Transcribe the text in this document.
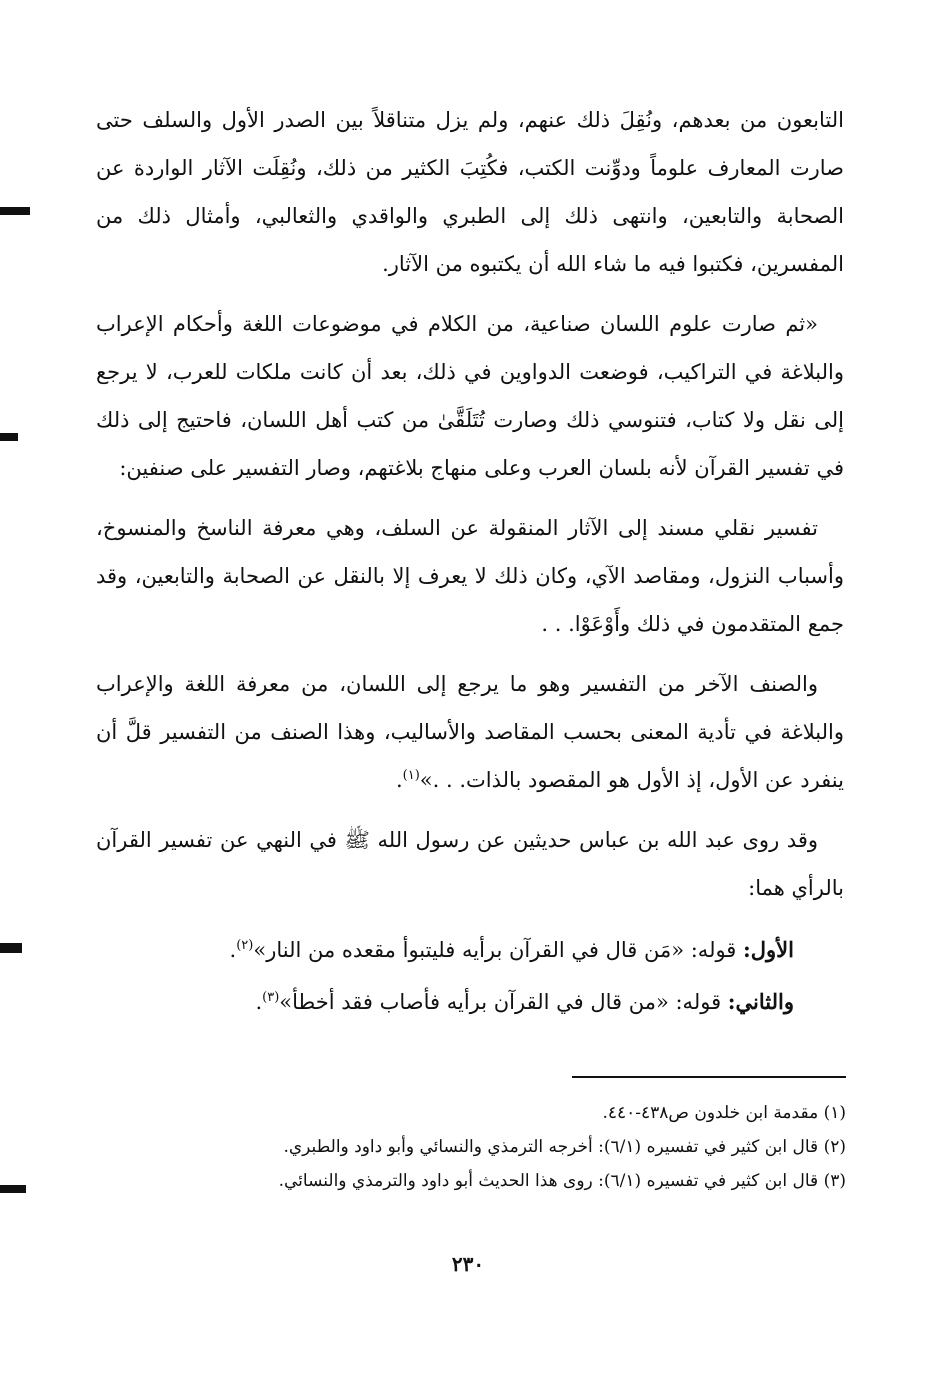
التابعون من بعدهم، ونُقِلَ ذلك عنهم، ولم يزل متناقلاً بين الصدر الأول والسلف حتى صارت المعارف علوماً ودوِّنت الكتب، فكُتِبَ الكثير من ذلك، ونُقِلَت الآثار الواردة عن الصحابة والتابعين، وانتهى ذلك إلى الطبري والواقدي والثعالبي، وأمثال ذلك من المفسرين، فكتبوا فيه ما شاء الله أن يكتبوه من الآثار.

«ثم صارت علوم اللسان صناعية، من الكلام في موضوعات اللغة وأحكام الإعراب والبلاغة في التراكيب، فوضعت الدواوين في ذلك، بعد أن كانت ملكات للعرب، لا يرجع إلى نقل ولا كتاب، فتنوسي ذلك وصارت تُتَلَقَّىٰ من كتب أهل اللسان، فاحتيج إلى ذلك في تفسير القرآن لأنه بلسان العرب وعلى منهاج بلاغتهم، وصار التفسير على صنفين:

تفسير نقلي مسند إلى الآثار المنقولة عن السلف، وهي معرفة الناسخ والمنسوخ، وأسباب النزول، ومقاصد الآي، وكان ذلك لا يعرف إلا بالنقل عن الصحابة والتابعين، وقد جمع المتقدمون في ذلك وأَوْعَوْا. . .

والصنف الآخر من التفسير وهو ما يرجع إلى اللسان، من معرفة اللغة والإعراب والبلاغة في تأدية المعنى بحسب المقاصد والأساليب، وهذا الصنف من التفسير قلَّ أن ينفرد عن الأول، إذ الأول هو المقصود بالذات. . .»$^{(١)}$.

وقد روى عبد الله بن عباس حديثين عن رسول الله ﷺ في النهي عن تفسير القرآن بالرأي هما:

الأول: قوله: «مَن قال في القرآن برأيه فليتبوأ مقعده من النار»$^{(٢)}$.

والثاني: قوله: «من قال في القرآن برأيه فأصاب فقد أخطأ»$^{(٣)}$.

(١) مقدمة ابن خلدون ص٤٣٨-٤٤٠.

(٢) قال ابن كثير في تفسيره (٦/١): أخرجه الترمذي والنسائي وأبو داود والطبري.

(٣) قال ابن كثير في تفسيره (٦/١): روى هذا الحديث أبو داود والترمذي والنسائي.

٢٣٠
